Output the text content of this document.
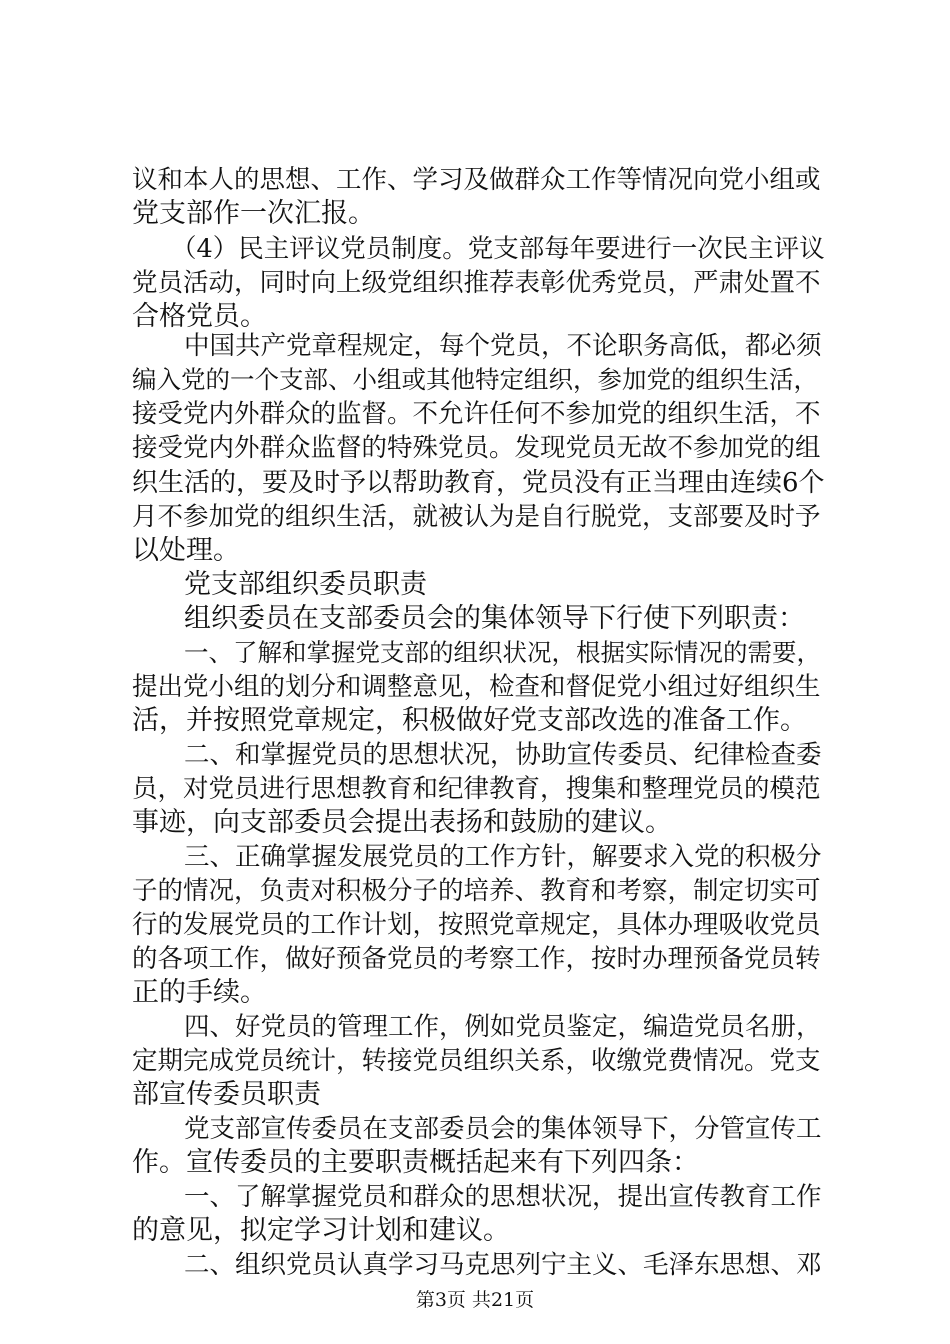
议和本人的思想、工作、学习及做群众工作等情况向党小组或
党支部作一次汇报。
（4）民主评议党员制度。党支部每年要进行一次民主评议
党员活动，同时向上级党组织推荐表彰优秀党员，严肃处置不
合格党员。
中国共产党章程规定，每个党员，不论职务高低，都必须
编入党的一个支部、小组或其他特定组织，参加党的组织生活，
接受党内外群众的监督。不允许任何不参加党的组织生活，不
接受党内外群众监督的特殊党员。发现党员无故不参加党的组
织生活的，要及时予以帮助教育，党员没有正当理由连续6个
月不参加党的组织生活，就被认为是自行脱党，支部要及时予
以处理。
党支部组织委员职责
组织委员在支部委员会的集体领导下行使下列职责：
一、了解和掌握党支部的组织状况，根据实际情况的需要，
提出党小组的划分和调整意见，检查和督促党小组过好组织生
活，并按照党章规定，积极做好党支部改选的准备工作。
二、和掌握党员的思想状况，协助宣传委员、纪律检查委
员，对党员进行思想教育和纪律教育，搜集和整理党员的模范
事迹，向支部委员会提出表扬和鼓励的建议。
三、正确掌握发展党员的工作方针，解要求入党的积极分
子的情况，负责对积极分子的培养、教育和考察，制定切实可
行的发展党员的工作计划，按照党章规定，具体办理吸收党员
的各项工作，做好预备党员的考察工作，按时办理预备党员转
正的手续。
四、好党员的管理工作，例如党员鉴定，编造党员名册，
定期完成党员统计，转接党员组织关系，收缴党费情况。党支
部宣传委员职责
党支部宣传委员在支部委员会的集体领导下，分管宣传工
作。宣传委员的主要职责概括起来有下列四条：
一、了解掌握党员和群众的思想状况，提出宣传教育工作
的意见，拟定学习计划和建议。
二、组织党员认真学习马克思列宁主义、毛泽东思想、邓
第3页 共21页
